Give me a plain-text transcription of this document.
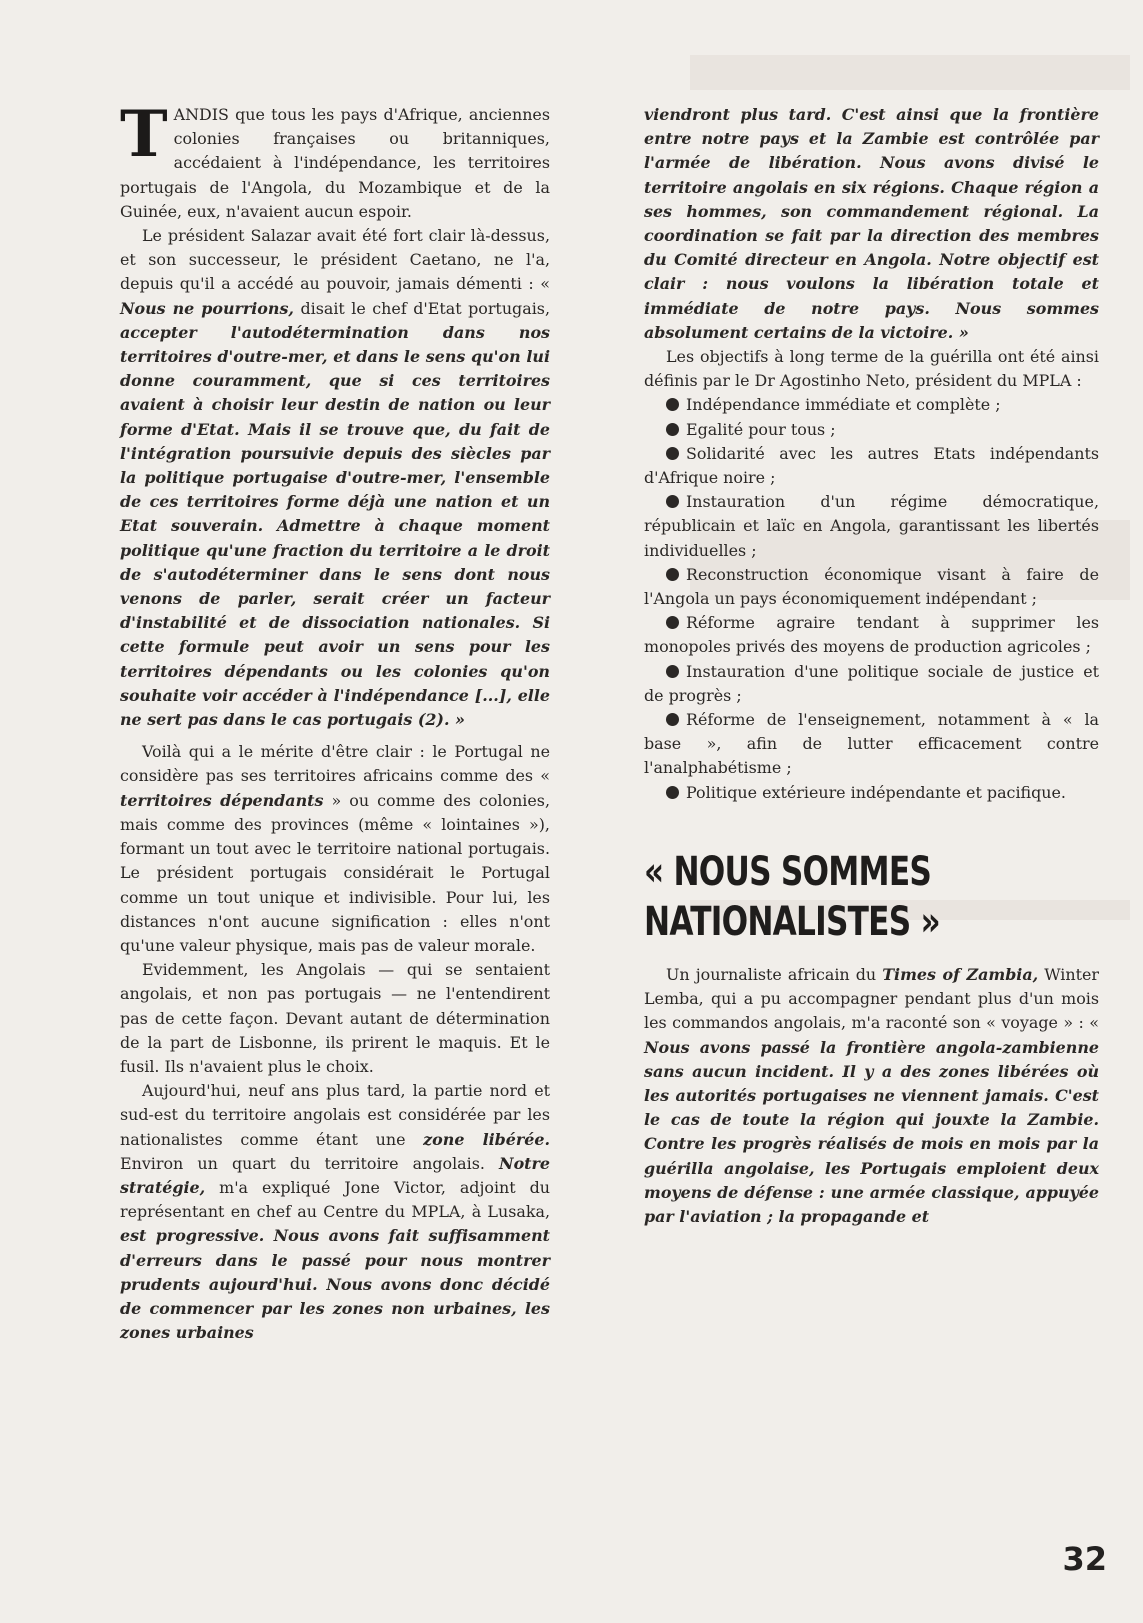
TANDIS que tous les pays d'Afrique, anciennes colonies françaises ou britanniques, accédaient à l'indépendance, les territoires portugais de l'Angola, du Mozambique et de la Guinée, eux, n'avaient aucun espoir.

Le président Salazar avait été fort clair là-dessus, et son successeur, le président Caetano, ne l'a, depuis qu'il a accédé au pouvoir, jamais démenti : « Nous ne pourrions, disait le chef d'Etat portugais, accepter l'autodétermination dans nos territoires d'outre-mer, et dans le sens qu'on lui donne couramment, que si ces territoires avaient à choisir leur destin de nation ou leur forme d'Etat. Mais il se trouve que, du fait de l'intégration poursuivie depuis des siècles par la politique portugaise d'outre-mer, l'ensemble de ces territoires forme déjà une nation et un Etat souverain. Admettre à chaque moment politique qu'une fraction du territoire a le droit de s'autodéterminer dans le sens dont nous venons de parler, serait créer un facteur d'instabilité et de dissociation nationales. Si cette formule peut avoir un sens pour les territoires dépendants ou les colonies qu'on souhaite voir accéder à l'indépendance [...], elle ne sert pas dans le cas portugais (2). »

Voilà qui a le mérite d'être clair : le Portugal ne considère pas ses territoires africains comme des « territoires dépendants » ou comme des colonies, mais comme des provinces (même « lointaines »), formant un tout avec le territoire national portugais. Le président portugais considérait le Portugal comme un tout unique et indivisible. Pour lui, les distances n'ont aucune signification : elles n'ont qu'une valeur physique, mais pas de valeur morale.

Evidemment, les Angolais — qui se sentaient angolais, et non pas portugais — ne l'entendirent pas de cette façon. Devant autant de détermination de la part de Lisbonne, ils prirent le maquis. Et le fusil. Ils n'avaient plus le choix.

Aujourd'hui, neuf ans plus tard, la partie nord et sud-est du territoire angolais est considérée par les nationalistes comme étant une zone libérée. Environ un quart du territoire angolais. Notre stratégie, m'a expliqué Jone Victor, adjoint du représentant en chef au Centre du MPLA, à Lusaka, est progressive. Nous avons fait suffisamment d'erreurs dans le passé pour nous montrer prudents aujourd'hui. Nous avons donc décidé de commencer par les zones non urbaines, les zones urbaines

viendront plus tard. C'est ainsi que la frontière entre notre pays et la Zambie est contrôlée par l'armée de libération. Nous avons divisé le territoire angolais en six régions. Chaque région a ses hommes, son commandement régional. La coordination se fait par la direction des membres du Comité directeur en Angola. Notre objectif est clair : nous voulons la libération totale et immédiate de notre pays. Nous sommes absolument certains de la victoire. »

Les objectifs à long terme de la guérilla ont été ainsi définis par le Dr Agostinho Neto, président du MPLA :

Indépendance immédiate et complète ;

Egalité pour tous ;

Solidarité avec les autres Etats indépendants d'Afrique noire ;

Instauration d'un régime démocratique, républicain et laïc en Angola, garantissant les libertés individuelles ;

Reconstruction économique visant à faire de l'Angola un pays économiquement indépendant ;

Réforme agraire tendant à supprimer les monopoles privés des moyens de production agricoles ;

Instauration d'une politique sociale de justice et de progrès ;

Réforme de l'enseignement, notamment à « la base », afin de lutter efficacement contre l'analphabétisme ;

Politique extérieure indépendante et pacifique.

« NOUS SOMMES NATIONALISTES »

Un journaliste africain du Times of Zambia, Winter Lemba, qui a pu accompagner pendant plus d'un mois les commandos angolais, m'a raconté son « voyage » : « Nous avons passé la frontière angola-zambienne sans aucun incident. Il y a des zones libérées où les autorités portugaises ne viennent jamais. C'est le cas de toute la région qui jouxte la Zambie. Contre les progrès réalisés de mois en mois par la guérilla angolaise, les Portugais emploient deux moyens de défense : une armée classique, appuyée par l'aviation ; la propagande et

32
